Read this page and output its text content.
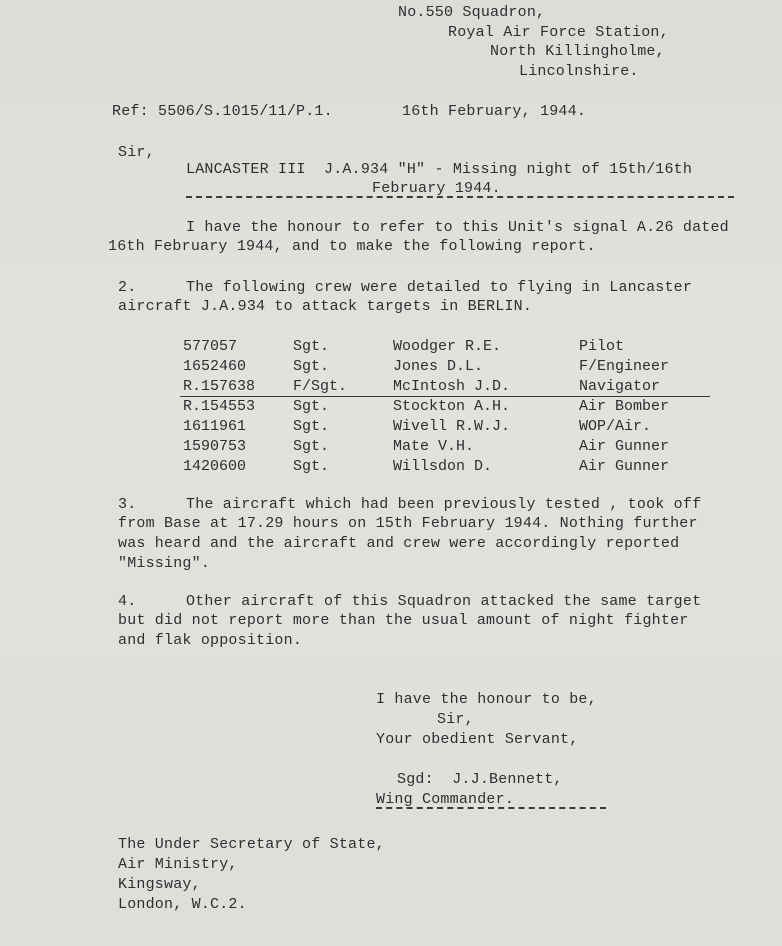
No.550 Squadron,
Royal Air Force Station,
North Killingholme,
Lincolnshire.
Ref: 5506/S.1015/11/P.1.	16th February, 1944.
Sir,
LANCASTER III  J.A.934 "H" - Missing night of 15th/16th
February 1944.
I have the honour to refer to this Unit's signal A.26 dated
16th February 1944, and to make the following report.
2.	The following crew were detailed to flying in Lancaster
aircraft J.A.934 to attack targets in BERLIN.
577057	Sgt.	Woodger R.E.	Pilot
1652460	Sgt.	Jones D.L.	F/Engineer
R.157638	F/Sgt.	McIntosh J.D.	Navigator
R.154553	Sgt.	Stockton A.H.	Air Bomber
1611961	Sgt.	Wivell R.W.J.	WOP/Air.
1590753	Sgt.	Mate V.H.	Air Gunner
1420600	Sgt.	Willsdon D.	Air Gunner
3.	The aircraft which had been previously tested , took off
from Base at 17.29 hours on 15th February 1944. Nothing further
was heard and the aircraft and crew were accordingly reported
"Missing".
4.	Other aircraft of this Squadron attacked the same target
but did not report more than the usual amount of night fighter
and flak opposition.
I have the honour to be,
Sir,
Your obedient Servant,
Sgd:  J.J.Bennett,
Wing Commander.
The Under Secretary of State,
Air Ministry,
Kingsway,
London, W.C.2.
